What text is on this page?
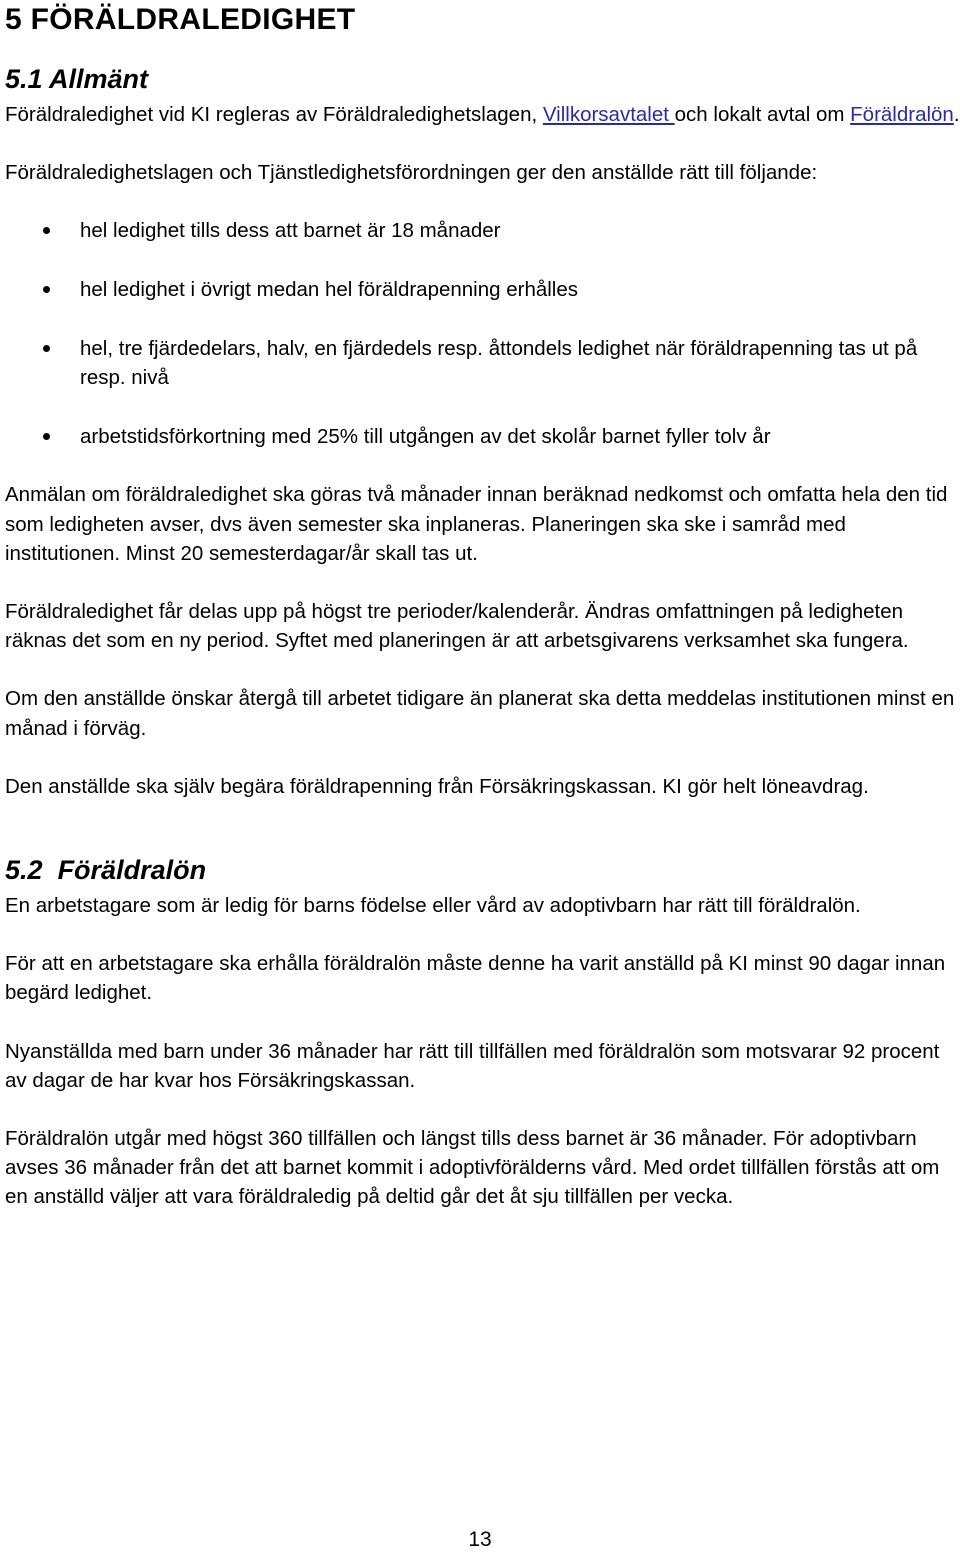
5 FÖRÄLDRALEDIGHET
5.1 Allmänt

Föräldraledighet vid KI regleras av Föräldraledighetslagen, Villkorsavtalet och lokalt avtal om Föräldralön.

Föräldraledighetslagen och Tjänstledighetsförordningen ger den anställde rätt till följande:

hel ledighet tills dess att barnet är 18 månader
hel ledighet i övrigt medan hel föräldrapenning erhålles
hel, tre fjärdedelars, halv, en fjärdedels resp. åttondels ledighet när föräldrapenning tas ut på resp. nivå
arbetstidsförkortning med 25% till utgången av det skolår barnet fyller tolv år

Anmälan om föräldraledighet ska göras två månader innan beräknad nedkomst och omfatta hela den tid som ledigheten avser, dvs även semester ska inplaneras. Planeringen ska ske i samråd med institutionen. Minst 20 semesterdagar/år skall tas ut.

Föräldraledighet får delas upp på högst tre perioder/kalenderår. Ändras omfattningen på ledigheten räknas det som en ny period. Syftet med planeringen är att arbetsgivarens verksamhet ska fungera.

Om den anställde önskar återgå till arbetet tidigare än planerat ska detta meddelas institutionen minst en månad i förväg.

Den anställde ska själv begära föräldrapenning från Försäkringskassan. KI gör helt löneavdrag.

5.2 Föräldralön

En arbetstagare som är ledig för barns födelse eller vård av adoptivbarn har rätt till föräldralön.

För att en arbetstagare ska erhålla föräldralön måste denne ha varit anställd på KI minst 90 dagar innan begärd ledighet.

Nyanställda med barn under 36 månader har rätt till tillfällen med föräldralön som motsvarar 92 procent av dagar de har kvar hos Försäkringskassan.

Föräldralön utgår med högst 360 tillfällen och längst tills dess barnet är 36 månader. För adoptivbarn avses 36 månader från det att barnet kommit i adoptivförälderns vård. Med ordet tillfällen förstås att om en anställd väljer att vara föräldraledig på deltid går det åt sju tillfällen per vecka.

13
